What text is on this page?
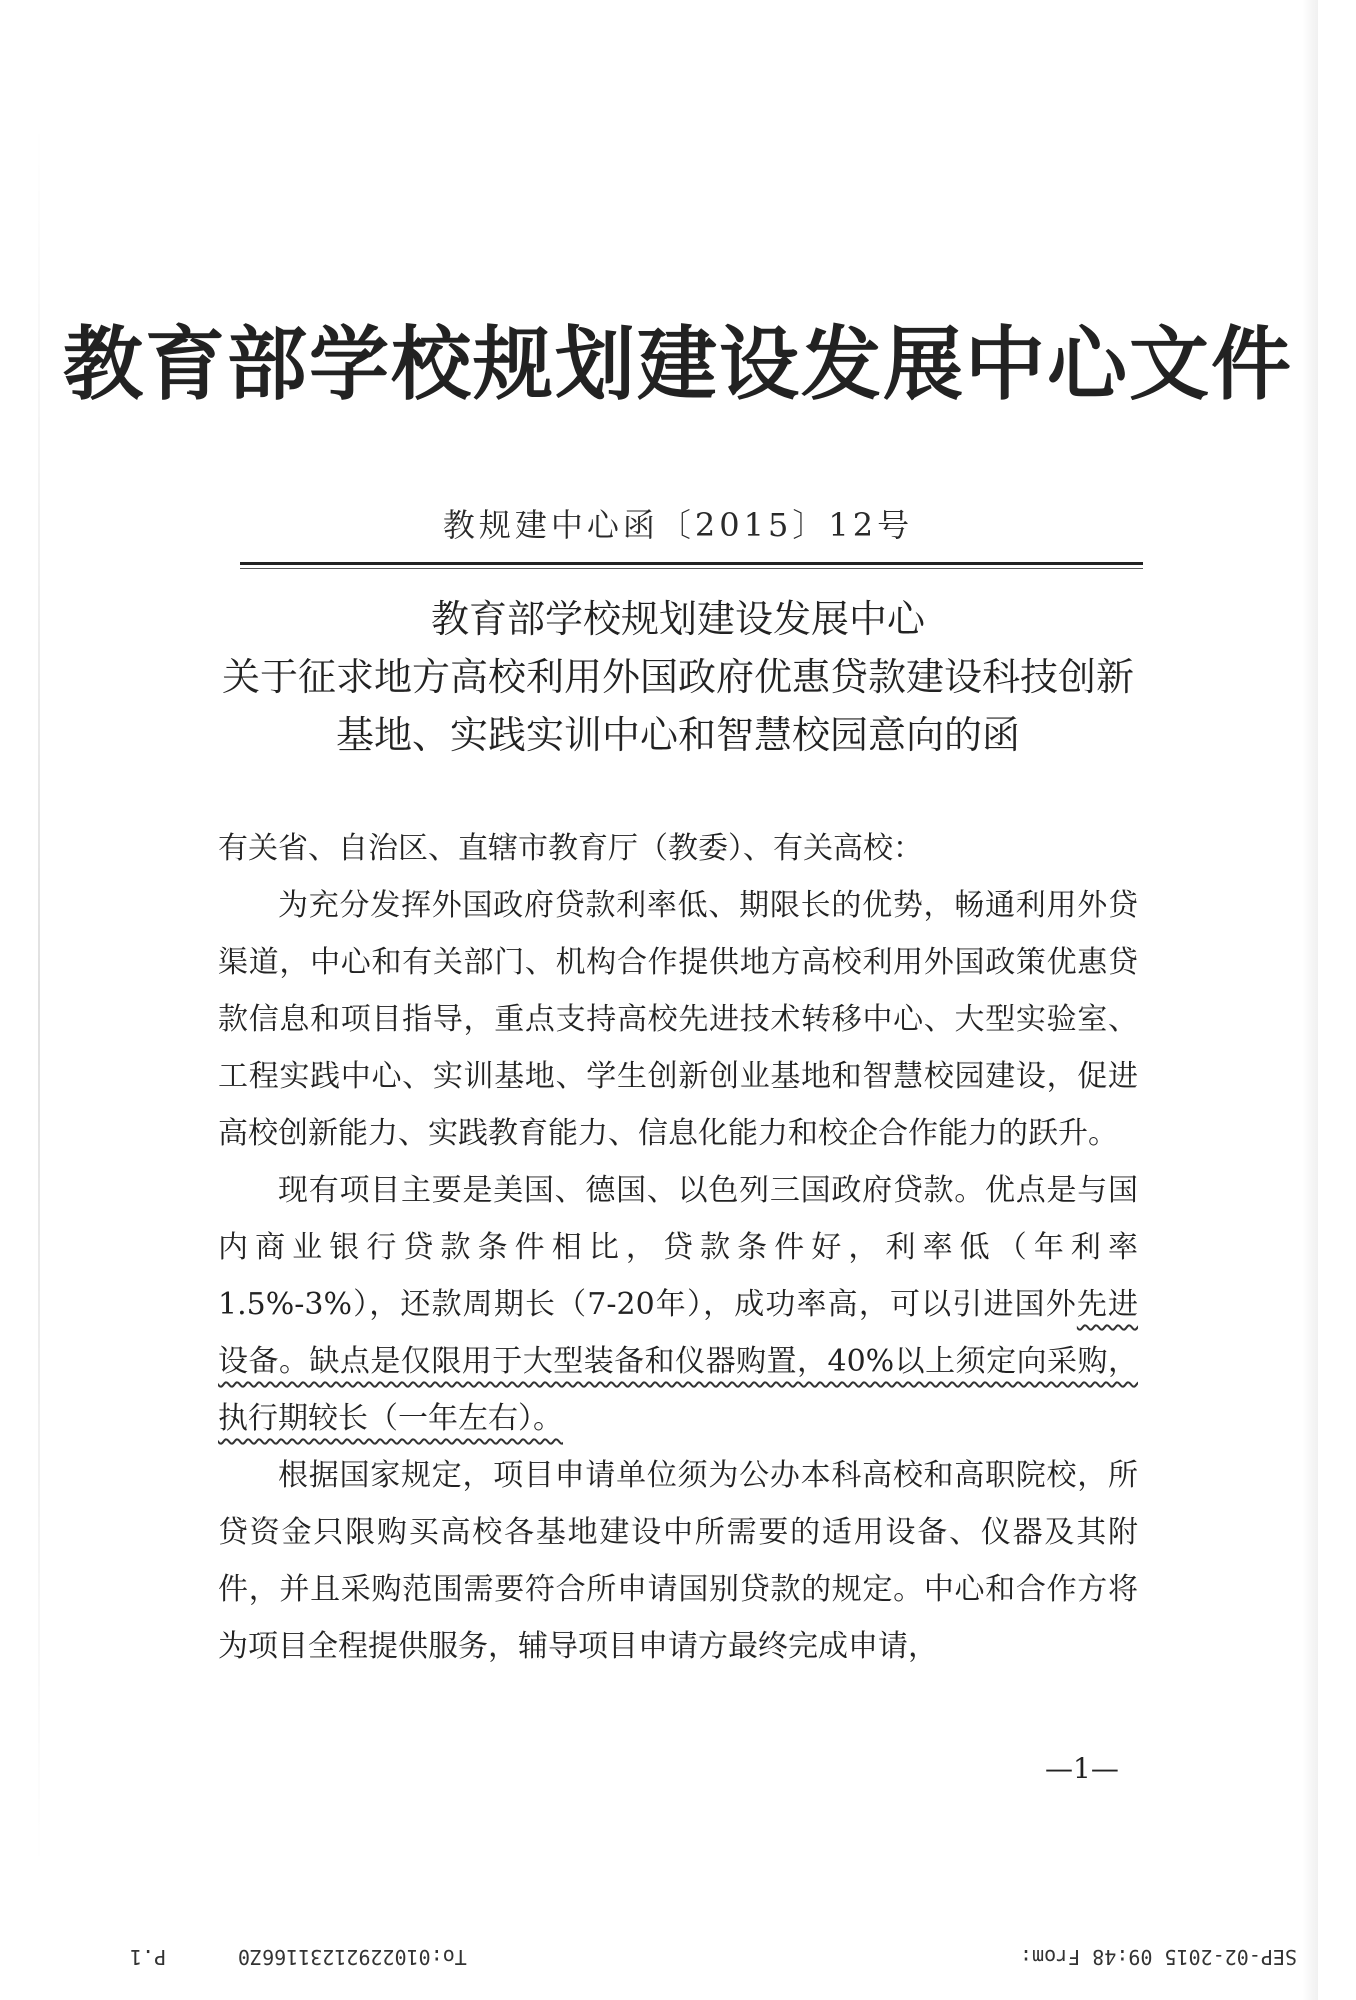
教育部学校规划建设发展中心文件
教规建中心函〔2015〕12号
教育部学校规划建设发展中心
关于征求地方高校利用外国政府优惠贷款建设科技创新
基地、实践实训中心和智慧校园意向的函

有关省、自治区、直辖市教育厅（教委）、有关高校：

为充分发挥外国政府贷款利率低、期限长的优势，畅通利用外贷渠道，中心和有关部门、机构合作提供地方高校利用外国政策优惠贷款信息和项目指导，重点支持高校先进技术转移中心、大型实验室、工程实践中心、实训基地、学生创新创业基地和智慧校园建设，促进高校创新能力、实践教育能力、信息化能力和校企合作能力的跃升。

现有项目主要是美国、德国、以色列三国政府贷款。优点是与国内商业银行贷款条件相比，贷款条件好，利率低（年利率1.5%-3%），还款周期长（7-20年），成功率高，可以引进国外先进设备。缺点是仅限用于大型装备和仪器购置，40%以上须定向采购，执行期较长（一年左右）。

根据国家规定，项目申请单位须为公办本科高校和高职院校，所贷资金只限购买高校各基地建设中所需要的适用设备、仪器及其附件，并且采购范围需要符合所申请国别贷款的规定。中心和合作方将为项目全程提供服务，辅导项目申请方最终完成申请，

—1—
P.1	To:01022921231166Z0	SEP-02-2015 09:48 From:
